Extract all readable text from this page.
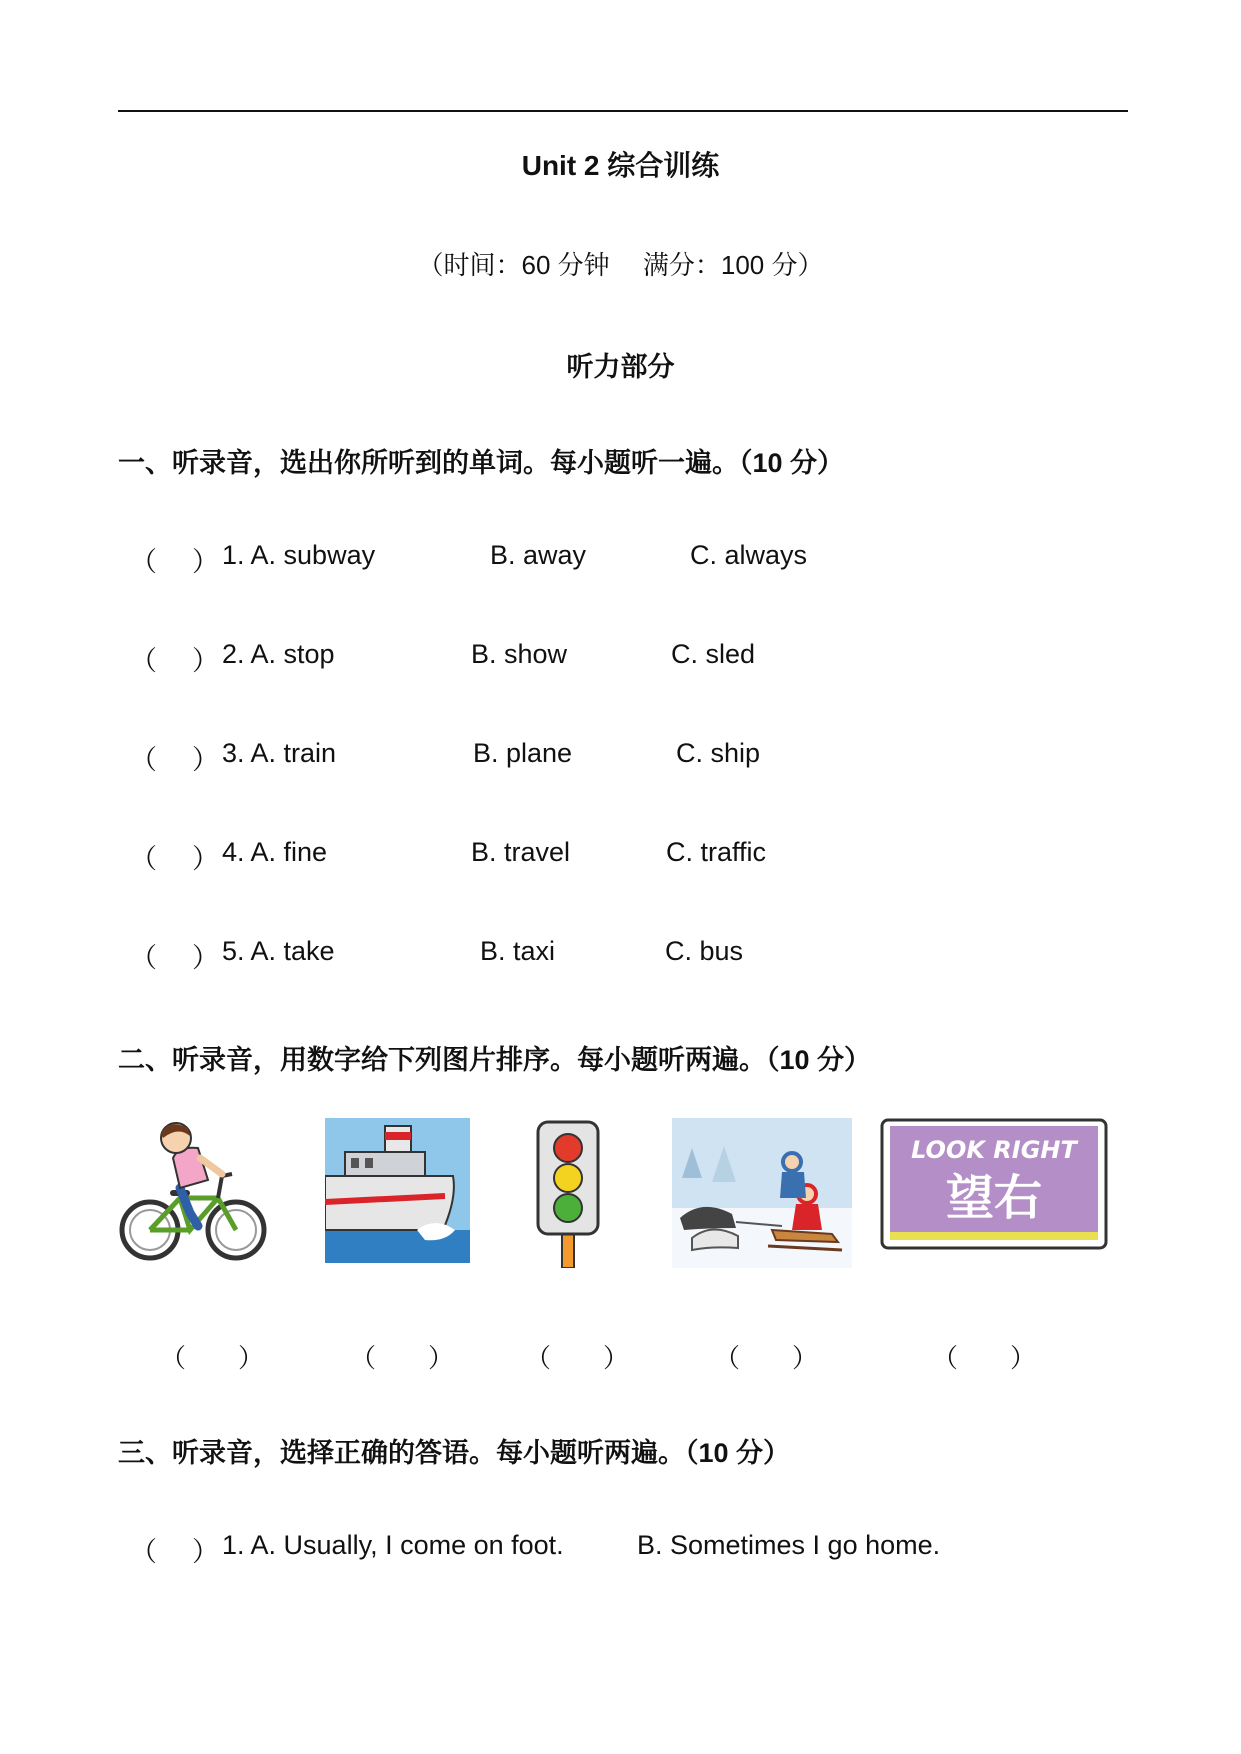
Unit 2 综合训练
（时间：60 分钟　 满分：100 分）
听力部分
一、听录音，选出你所听到的单词。每小题听一遍。（10 分）
（ ） 1. A. subway	B. away	C. always
（ ） 2. A. stop	B. show	C. sled
（ ） 3. A. train	B. plane	C. ship
（ ） 4. A. fine	B. travel	C. traffic
（ ） 5. A. take	B. taxi	C. bus
二、听录音，用数字给下列图片排序。每小题听两遍。（10 分）
LOOK RIGHT
望右
（　　）	（　　）	（　　）	（　　）	（　　）
三、听录音，选择正确的答语。每小题听两遍。（10 分）
（ ） 1. A. Usually, I come on foot.	B. Sometimes I go home.
